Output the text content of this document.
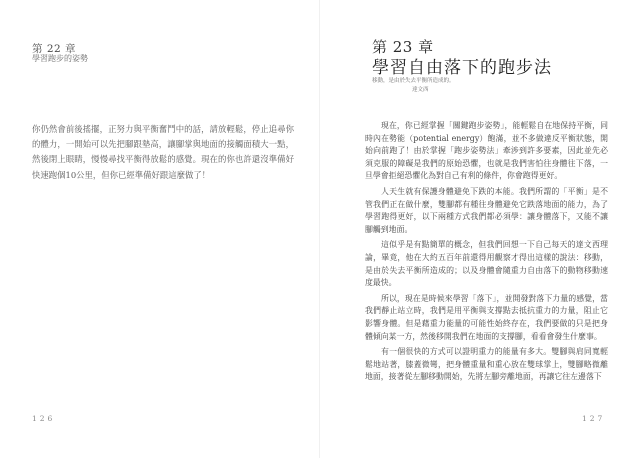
第 22 章
學習跑步的姿勢
你仍然會前後搖擺，正努力與平衡奮鬥中的話，請放輕鬆，停止追尋你的體力，一開始可以先把腳跟墊高，讓腳掌與地面的接觸面積大一點，然後閉上眼睛，慢慢尋找平衡得放鬆的感覺。現在的你也許還沒準備好快速跑個10公里，但你已經準備好跟這麼做了！
126
第 23 章
學習自由落下的跑步法
移動，是由於失去平衡所造成的。
達文西

現在，你已經掌握「關鍵跑步姿勢」，能輕鬆自在地保持平衡，同時內在勢能（potential energy）飽滿，並不多做違反平衡狀態，開始向前跑了！由於掌握「跑步姿勢法」牽涉到許多要素，因此並先必須克服的障礙是我們的原始恐懼，也就是我們害怕往身體往下落，一旦學會拒絕恐懼化為對自己有利的條件，你會跑得更好。

人天生就有保護身體避免下跌的本能。我們所謂的「平衡」是不管我們正在做什麼，雙腳都有種往身體避免它跌落地面的能力，為了學習跑得更好，以下兩種方式我們都必須學：讓身體落下，又能不讓腳觸到地面。

這似乎是有點簡單的概念，但我們回想一下自己每天的達文西理論，畢竟，他在大約五百年前還得用觀察才得出這樣的說法：移動，是由於失去平衡所造成的；以及身體會隨重力自由落下的動物移動速度最快。

所以，現在是時候來學習「落下」，並開發對落下力量的感覺，當我們靜止站立時，我們是用平衡與支撐點去抵抗重力的力量，阻止它影響身體。但是藉重力能量的可能性始終存在，我們要做的只是把身體傾向某一方，然後移開我們在地面的支撐腳，看看會發生什麼事。

有一個很快的方式可以證明重力的能量有多大。雙腳與肩同寬輕鬆地站著，膝蓋微彎，把身體重量和重心放在雙球掌上，雙腳略微離地面，接著從左腳移動開始，先將左腳旁離地面，再讓它往左邊落下

127
